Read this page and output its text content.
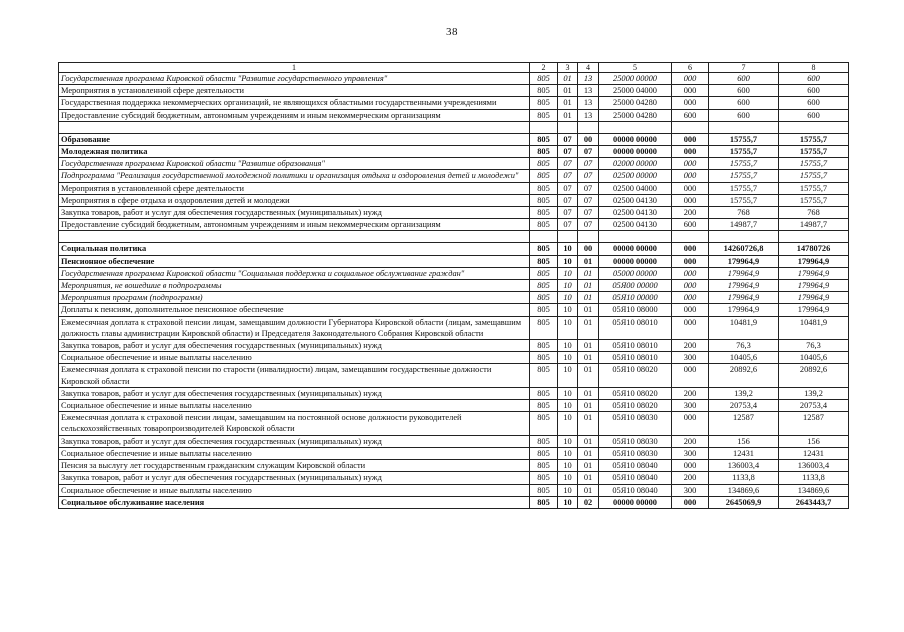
38
1	2	3	4	5	6	7	8
Государственная программа Кировской области "Развитие государственного управления"	805	01	13	25000 00000	000	600	600
Мероприятия в установленной сфере деятельности	805	01	13	25000 04000	000	600	600
Государственная поддержка некоммерческих организаций, не являющихся областными государственными учреждениями	805	01	13	25000 04280	000	600	600
Предоставление субсидий бюджетным, автономным учреждениям и иным некоммерческим организациям	805	01	13	25000 04280	600	600	600

Образование	805	07	00	00000 00000	000	15755,7	15755,7
Молодежная политика	805	07	07	00000 00000	000	15755,7	15755,7
Государственная программа Кировской области "Развитие образования"	805	07	07	02000 00000	000	15755,7	15755,7
Подпрограмма "Реализация государственной молодежной политики и организация отдыха и оздоровления детей и молодежи"	805	07	07	02500 00000	000	15755,7	15755,7
Мероприятия в установленной сфере деятельности	805	07	07	02500 04000	000	15755,7	15755,7
Мероприятия в сфере отдыха и оздоровления детей и молодежи	805	07	07	02500 04130	000	15755,7	15755,7
Закупка товаров, работ и услуг для обеспечения государственных (муниципальных) нужд	805	07	07	02500 04130	200	768	768
Предоставление субсидий бюджетным, автономным учреждениям и иным некоммерческим организациям	805	07	07	02500 04130	600	14987,7	14987,7

Социальная политика	805	10	00	00000 00000	000	14260726,8	14780726
Пенсионное обеспечение	805	10	01	00000 00000	000	179964,9	179964,9
Государственная программа Кировской области "Социальная поддержка и социальное обслуживание граждан"	805	10	01	05000 00000	000	179964,9	179964,9
Мероприятия, не вошедшие в подпрограммы	805	10	01	05Я00 00000	000	179964,9	179964,9
Мероприятия программ (подпрограмм)	805	10	01	05Я10 00000	000	179964,9	179964,9
Доплаты к пенсиям, дополнительное пенсионное обеспечение	805	10	01	05Я10 08000	000	179964,9	179964,9
Ежемесячная доплата к страховой пенсии лицам, замещавшим должности Губернатора Кировской области (лицам, замещавшим должность главы администрации Кировской области) и Председателя Законодательного Собрания Кировской области	805	10	01	05Я10 08010	000	10481,9	10481,9
Закупка товаров, работ и услуг для обеспечения государственных (муниципальных) нужд	805	10	01	05Я10 08010	200	76,3	76,3
Социальное обеспечение и иные выплаты населению	805	10	01	05Я10 08010	300	10405,6	10405,6
Ежемесячная доплата к страховой пенсии по старости (инвалидности) лицам, замещавшим государственные должности Кировской области	805	10	01	05Я10 08020	000	20892,6	20892,6
Закупка товаров, работ и услуг для обеспечения государственных (муниципальных) нужд	805	10	01	05Я10 08020	200	139,2	139,2
Социальное обеспечение и иные выплаты населению	805	10	01	05Я10 08020	300	20753,4	20753,4
Ежемесячная доплата к страховой пенсии лицам, замещавшим на постоянной основе должности руководителей сельскохозяйственных товаропроизводителей Кировской области	805	10	01	05Я10 08030	000	12587	12587
Закупка товаров, работ и услуг для обеспечения государственных (муниципальных) нужд	805	10	01	05Я10 08030	200	156	156
Социальное обеспечение и иные выплаты населению	805	10	01	05Я10 08030	300	12431	12431
Пенсия за выслугу лет государственным гражданским служащим Кировской области	805	10	01	05Я10 08040	000	136003,4	136003,4
Закупка товаров, работ и услуг для обеспечения государственных (муниципальных) нужд	805	10	01	05Я10 08040	200	1133,8	1133,8
Социальное обеспечение и иные выплаты населению	805	10	01	05Я10 08040	300	134869,6	134869,6
Социальное обслуживание населения	805	10	02	00000 00000	000	2645069,9	2643443,7
